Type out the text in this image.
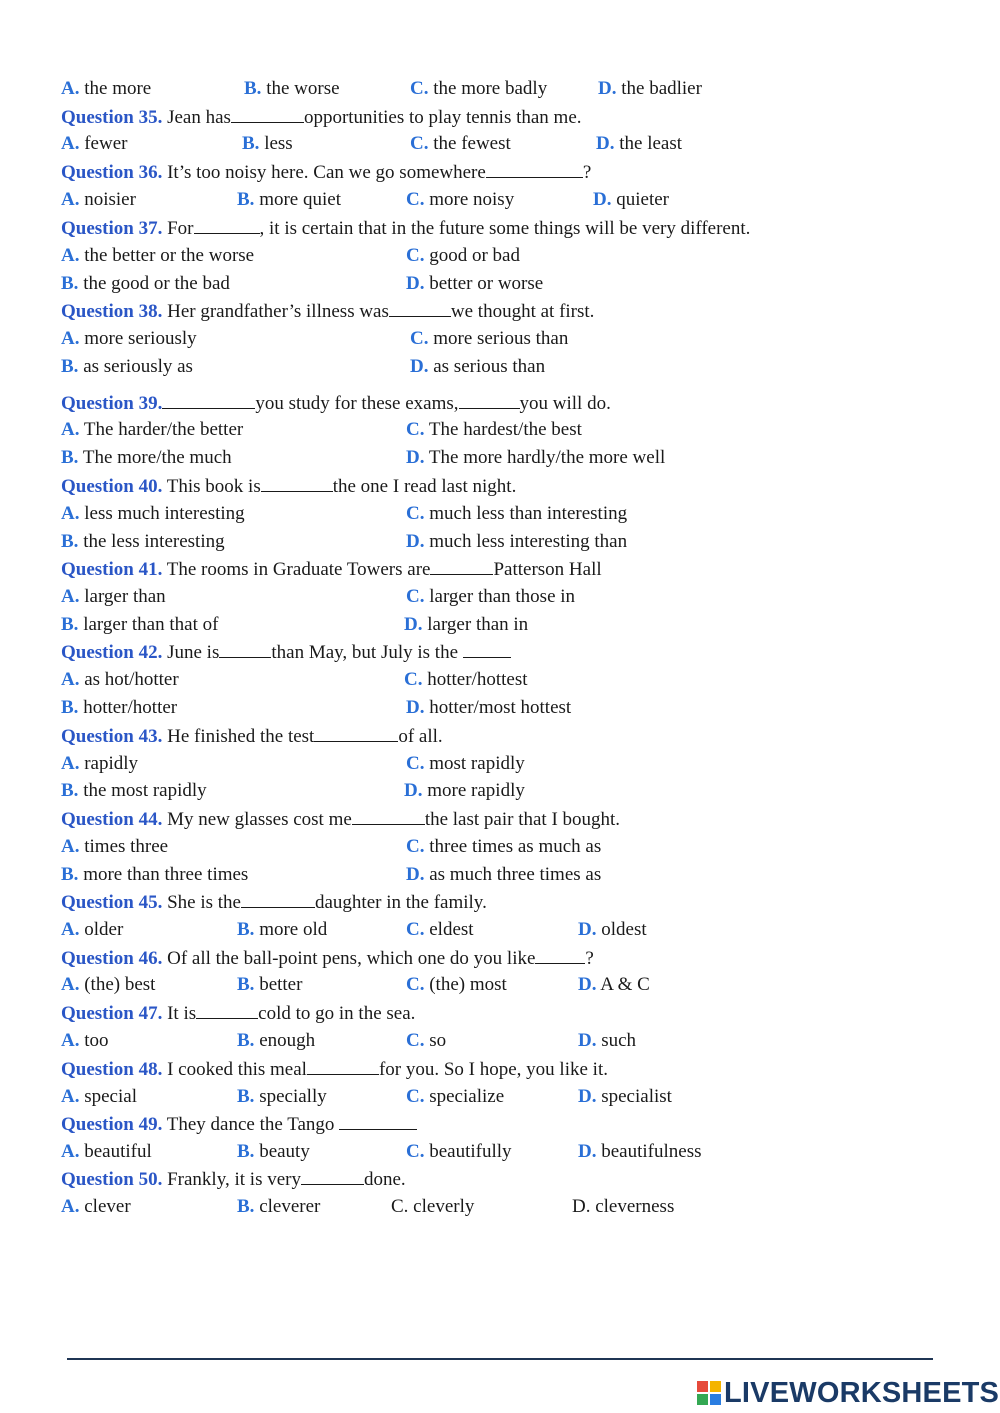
A. the more	B. the worse	C. the more badly	D. the badlier
Question 35. Jean has	opportunities to play tennis than me.
A. fewer	B. less	C. the fewest	D. the least
Question 36. It’s too noisy here. Can we go somewhere	?
A. noisier	B. more quiet	C. more noisy	D. quieter
Question 37. For	, it is certain that in the future some things will be very different.
A. the better or the worse	C. good or bad
B. the good or the bad	D. better or worse
Question 38. Her grandfather’s illness was	we thought at first.
A. more seriously	C. more serious than
B. as seriously as	D. as serious than
Question 39.	you study for these exams,	you will do.
A. The harder/the better	C. The hardest/the best
B. The more/the much	D. The more hardly/the more well
Question 40. This book is	the one I read last night.
A. less much interesting	C. much less than interesting
B. the less interesting	D. much less interesting than
Question 41. The rooms in Graduate Towers are	Patterson Hall
A. larger than	C. larger than those in
B. larger than that of	D. larger than in
Question 42. June is	than May, but July is the
A. as hot/hotter	C. hotter/hottest
B. hotter/hotter	D. hotter/most hottest
Question 43. He finished the test	of all.
A. rapidly	C. most rapidly
B. the most rapidly	D. more rapidly
Question 44. My new glasses cost me	the last pair that I bought.
A. times three	C. three times as much as
B. more than three times	D. as much three times as
Question 45. She is the	daughter in the family.
A. older	B. more old	C. eldest	D. oldest
Question 46. Of all the ball-point pens, which one do you like	?
A. (the) best	B. better	C. (the) most	D. A & C
Question 47. It is	cold to go in the sea.
A. too	B. enough	C. so	D. such
Question 48. I cooked this meal	for you. So I hope, you like it.
A. special	B. specially	C. specialize	D. specialist
Question 49. They dance the Tango
A. beautiful	B. beauty	C. beautifully	D. beautifulness
Question 50. Frankly, it is very	done.
A. clever	B. cleverer	C. cleverly	D. cleverness
LIVEWORKSHEETS
